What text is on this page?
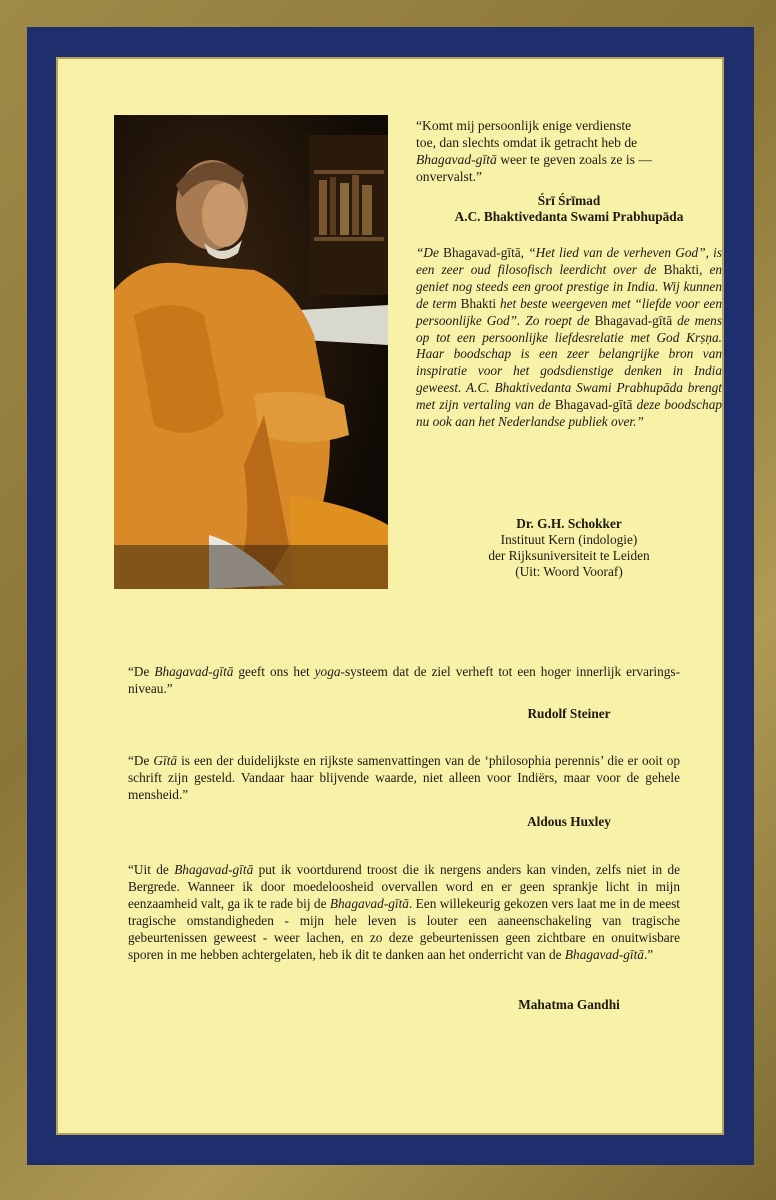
“Komt mij persoonlijk enige verdienste
toe, dan slechts omdat ik getracht heb de
Bhagavad-gītā weer te geven zoals ze is —
onvervalst.”

Śrī Śrīmad
A.C. Bhaktivedanta Swami Prabhupāda

“De Bhagavad-gītā, “Het lied van de verheven God”, is een zeer oud filosofisch leerdicht over de Bhakti, en geniet nog steeds een groot prestige in India. Wij kunnen de term Bhakti het beste weergeven met “liefde voor een persoonlijke God”. Zo roept de Bhagavad-gītā de mens op tot een persoonlijke liefdesrelatie met God Krṣṇa. Haar boodschap is een zeer belangrijke bron van inspiratie voor het godsdienstige denken in India geweest. A.C. Bhaktivedanta Swami Prabhupāda brengt met zijn vertaling van de Bhagavad-gītā deze boodschap nu ook aan het Nederlandse publiek over.”

Dr. G.H. Schokker
Instituut Kern (indologie)
der Rijksuniversiteit te Leiden
(Uit: Woord Vooraf)

“De Bhagavad-gītā geeft ons het yoga-systeem dat de ziel verheft tot een hoger innerlijk ervarings-niveau.”

Rudolf Steiner

“De Gītā is een der duidelijkste en rijkste samenvattingen van de ‘philosophia perennis’ die er ooit op schrift zijn gesteld. Vandaar haar blijvende waarde, niet alleen voor Indiërs, maar voor de gehele mensheid.”

Aldous Huxley

“Uit de Bhagavad-gītā put ik voortdurend troost die ik nergens anders kan vinden, zelfs niet in de Bergrede. Wanneer ik door moedeloosheid overvallen word en er geen sprankje licht in mijn eenzaamheid valt, ga ik te rade bij de Bhagavad-gītā. Een willekeurig gekozen vers laat me in de meest tragische omstandigheden - mijn hele leven is louter een aaneenschakeling van tragische gebeurtenissen geweest - weer lachen, en zo deze gebeurtenissen geen zichtbare en onuitwisbare sporen in me hebben achtergelaten, heb ik dit te danken aan het onderricht van de Bhagavad-gītā.”

Mahatma Gandhi
